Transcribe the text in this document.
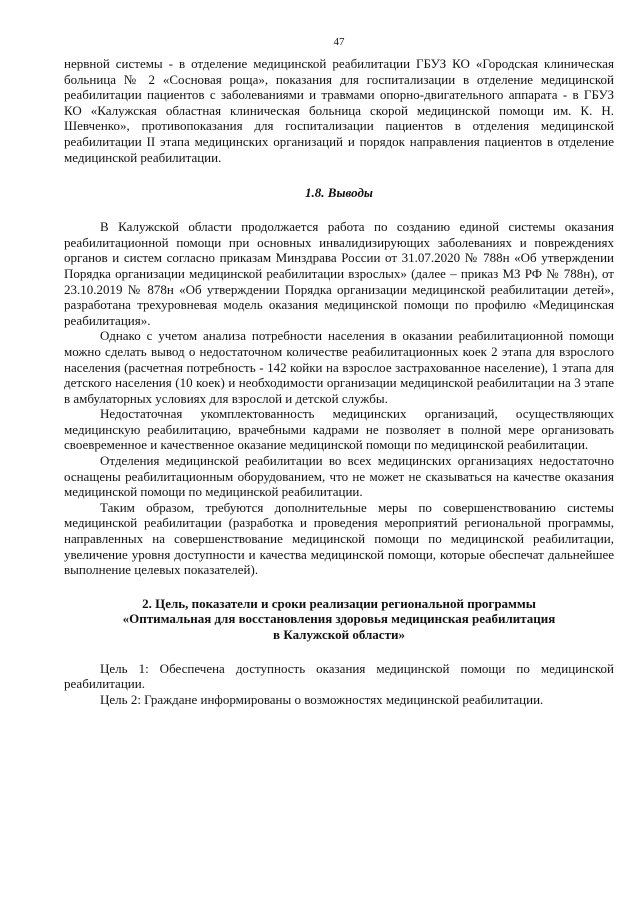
47

нервной системы - в отделение медицинской реабилитации ГБУЗ КО «Городская клиническая больница № 2 «Сосновая роща», показания для госпитализации в отделение медицинской реабилитации пациентов с заболеваниями и травмами опорно-двигательного аппарата - в ГБУЗ КО «Калужская областная клиническая больница скорой медицинской помощи им. К. Н. Шевченко», противопоказания для госпитализации пациентов в отделения медицинской реабилитации II этапа медицинских организаций и порядок направления пациентов в отделение медицинской реабилитации.

1.8. Выводы

В Калужской области продолжается работа по созданию единой системы оказания реабилитационной помощи при основных инвалидизирующих заболеваниях и повреждениях органов и систем согласно приказам Минздрава России от 31.07.2020 № 788н «Об утверждении Порядка организации медицинской реабилитации взрослых» (далее – приказ МЗ РФ № 788н), от 23.10.2019 № 878н «Об утверждении Порядка организации медицинской реабилитации детей», разработана трехуровневая модель оказания медицинской помощи по профилю «Медицинская реабилитация».

Однако с учетом анализа потребности населения в оказании реабилитационной помощи можно сделать вывод о недостаточном количестве реабилитационных коек 2 этапа для взрослого населения (расчетная потребность - 142 койки на взрослое застрахованное население), 1 этапа для детского населения (10 коек) и необходимости организации медицинской реабилитации на 3 этапе в амбулаторных условиях для взрослой и детской службы.

Недостаточная укомплектованность медицинских организаций, осуществляющих медицинскую реабилитацию, врачебными кадрами не позволяет в полной мере организовать своевременное и качественное оказание медицинской помощи по медицинской реабилитации.

Отделения медицинской реабилитации во всех медицинских организациях недостаточно оснащены реабилитационным оборудованием, что не может не сказываться на качестве оказания медицинской помощи по медицинской реабилитации.

Таким образом, требуются дополнительные меры по совершенствованию системы медицинской реабилитации (разработка и проведения мероприятий региональной программы, направленных на совершенствование медицинской помощи по медицинской реабилитации, увеличение уровня доступности и качества медицинской помощи, которые обеспечат дальнейшее выполнение целевых показателей).

2. Цель, показатели и сроки реализации региональной программы
«Оптимальная для восстановления здоровья медицинская реабилитация
в Калужской области»

Цель 1: Обеспечена доступность оказания медицинской помощи по медицинской реабилитации.

Цель 2: Граждане информированы о возможностях медицинской реабилитации.
